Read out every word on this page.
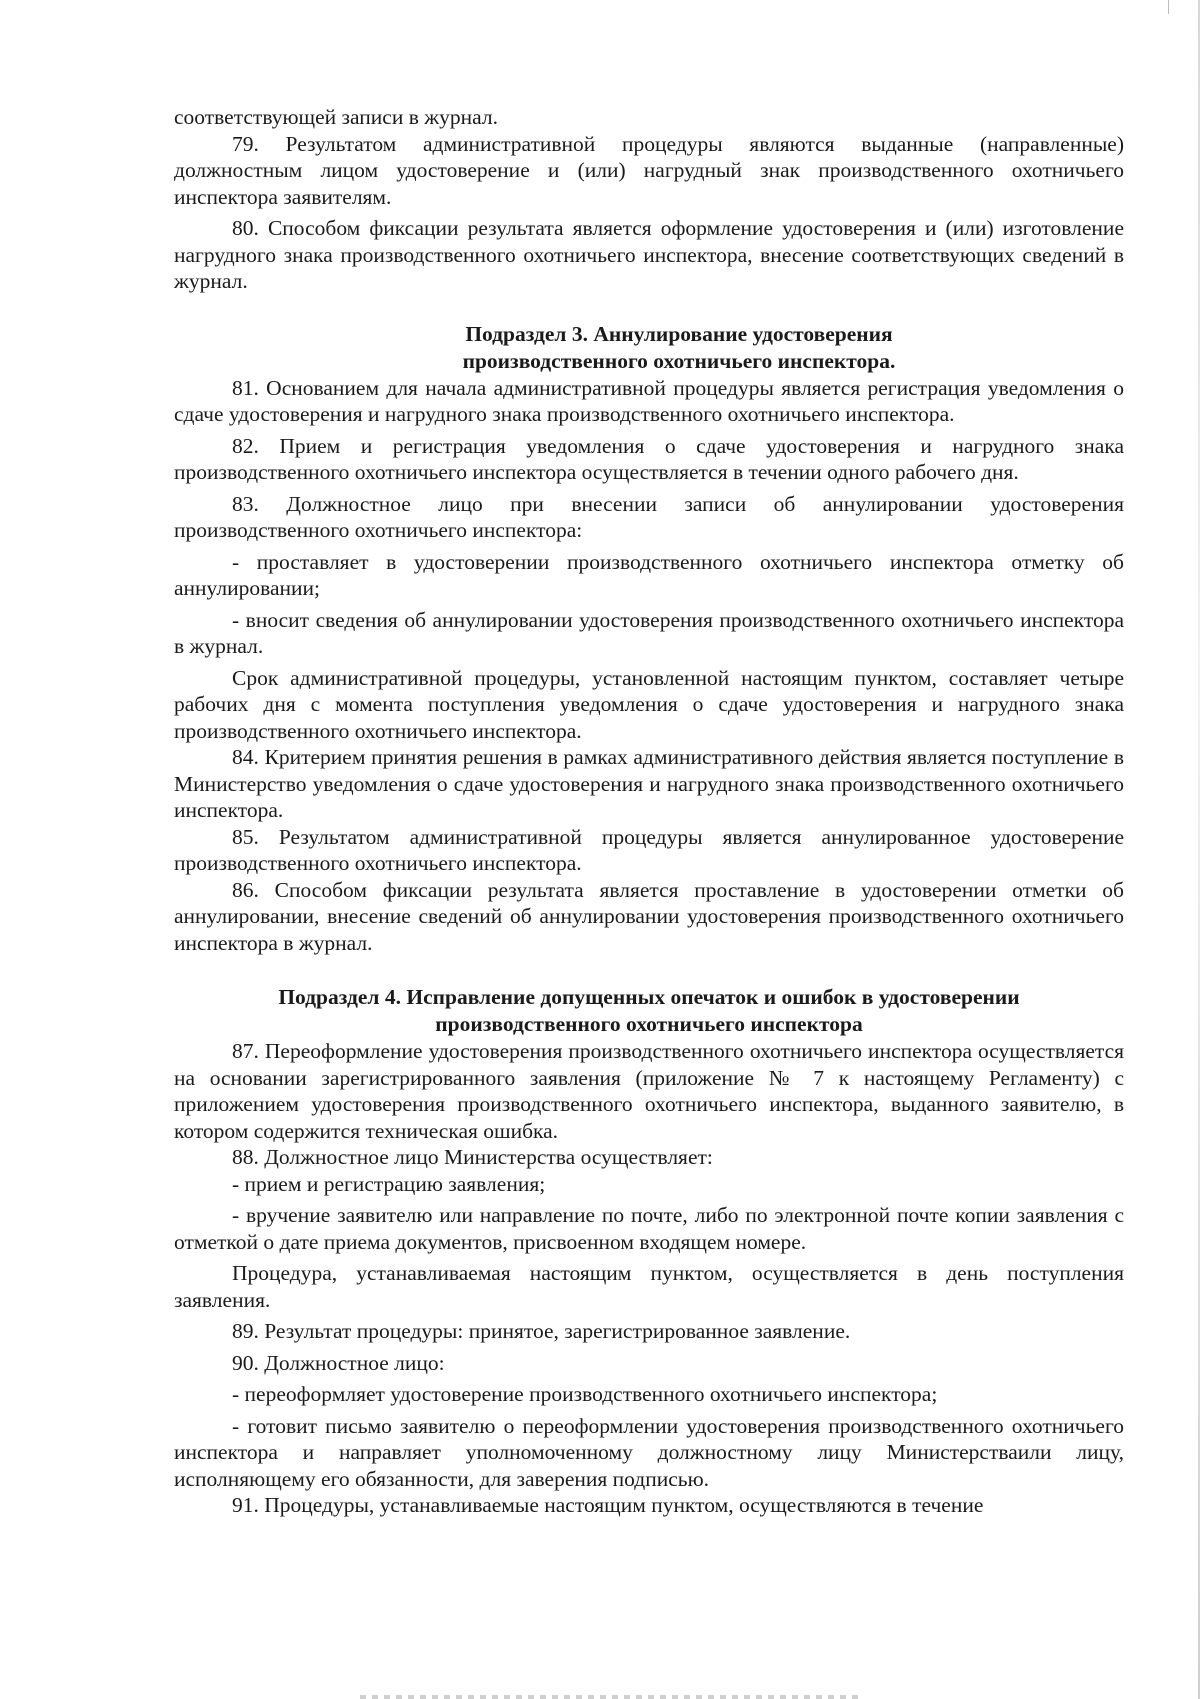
соответствующей записи в журнал.

79. Результатом административной процедуры являются выданные (направленные) должностным лицом удостоверение и (или) нагрудный знак производственного охотничьего инспектора заявителям.

80. Способом фиксации результата является оформление удостоверения и (или) изготовление нагрудного знака производственного охотничьего инспектора, внесение соответствующих сведений в журнал.

Подраздел 3. Аннулирование удостоверения
производственного охотничьего инспектора.

81. Основанием для начала административной процедуры является регистрация уведомления о сдаче удостоверения и нагрудного знака производственного охотничьего инспектора.

82. Прием и регистрация уведомления о сдаче удостоверения и нагрудного знака производственного охотничьего инспектора осуществляется в течении одного рабочего дня.

83. Должностное лицо при внесении записи об аннулировании удостоверения производственного охотничьего инспектора:

- проставляет в удостоверении производственного охотничьего инспектора отметку об аннулировании;

- вносит сведения об аннулировании удостоверения производственного охотничьего инспектора в журнал.

Срок административной процедуры, установленной настоящим пунктом, составляет четыре рабочих дня с момента поступления уведомления о сдаче удостоверения и нагрудного знака производственного охотничьего инспектора.

84. Критерием принятия решения в рамках административного действия является поступление в Министерство уведомления о сдаче удостоверения и нагрудного знака производственного охотничьего инспектора.

85. Результатом административной процедуры является аннулированное удостоверение производственного охотничьего инспектора.

86. Способом фиксации результата является проставление в удостоверении отметки об аннулировании, внесение сведений об аннулировании удостоверения производственного охотничьего инспектора в журнал.

Подраздел 4. Исправление допущенных опечаток и ошибок в удостоверении
производственного охотничьего инспектора

87. Переоформление удостоверения производственного охотничьего инспектора осуществляется на основании зарегистрированного заявления (приложение № 7 к настоящему Регламенту) с приложением удостоверения производственного охотничьего инспектора, выданного заявителю, в котором содержится техническая ошибка.

88. Должностное лицо Министерства осуществляет:

- прием и регистрацию заявления;

- вручение заявителю или направление по почте, либо по электронной почте копии заявления с отметкой о дате приема документов, присвоенном входящем номере.

Процедура, устанавливаемая настоящим пунктом, осуществляется в день поступления заявления.

89. Результат процедуры: принятое, зарегистрированное заявление.

90. Должностное лицо:

- переоформляет удостоверение производственного охотничьего инспектора;

- готовит письмо заявителю о переоформлении удостоверения производственного охотничьего инспектора и направляет уполномоченному должностному лицу Министерстваили лицу, исполняющему его обязанности, для заверения подписью.

91. Процедуры, устанавливаемые настоящим пунктом, осуществляются в течение
